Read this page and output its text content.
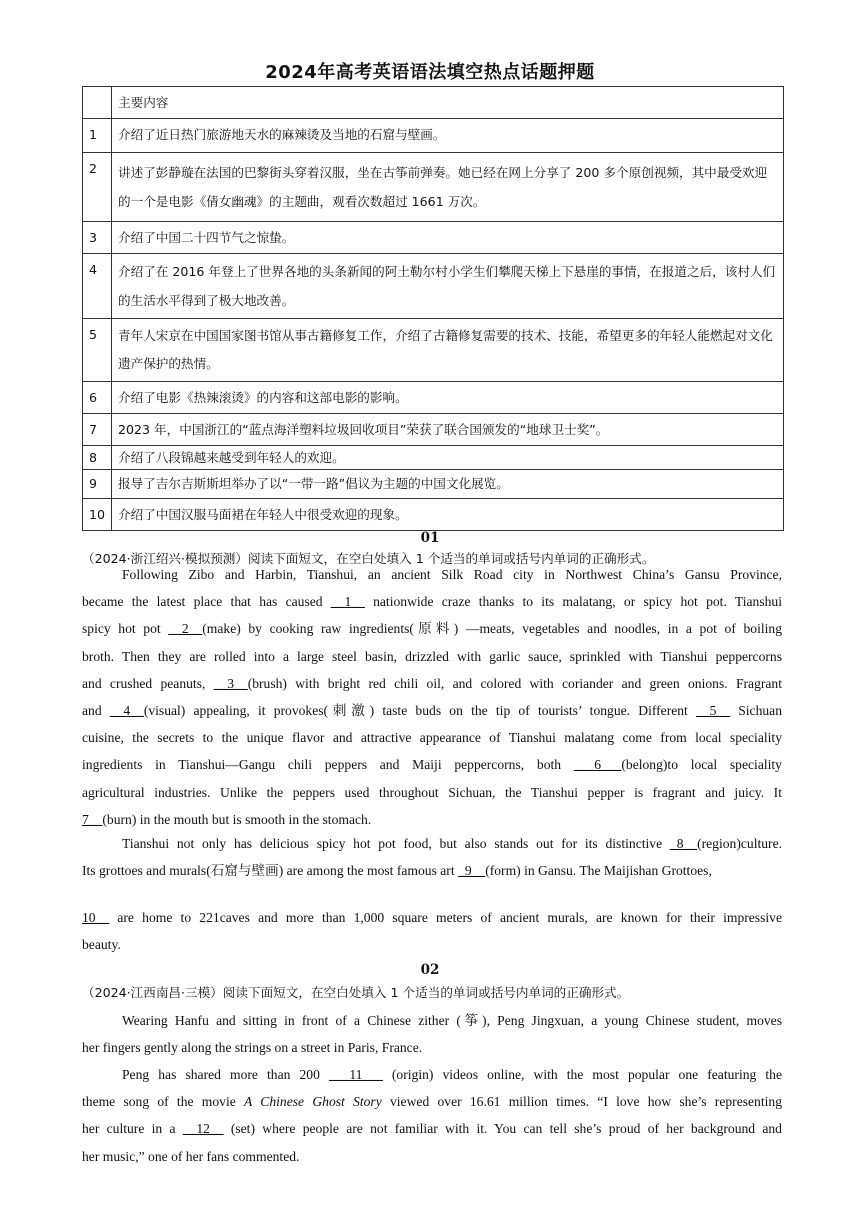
2024年高考英语语法填空热点话题押题
	主要内容
1	介绍了近日热门旅游地天水的麻辣烫及当地的石窟与壁画。
2	讲述了彭静璇在法国的巴黎街头穿着汉服，坐在古筝前弹奏。她已经在网上分享了 200 多个原创视频，其中最受欢迎的一个是电影《倩女幽魂》的主题曲，观看次数超过 1661 万次。
3	介绍了中国二十四节气之惊蛰。
4	介绍了在 2016 年登上了世界各地的头条新闻的阿土勒尔村小学生们攀爬天梯上下悬崖的事情，在报道之后，该村人们的生活水平得到了极大地改善。
5	青年人宋京在中国国家图书馆从事古籍修复工作，介绍了古籍修复需要的技术、技能，希望更多的年轻人能燃起对文化遗产保护的热情。
6	介绍了电影《热辣滚烫》的内容和这部电影的影响。
7	2023 年，中国浙江的“蓝点海洋塑料垃圾回收项目”荣获了联合国颁发的“地球卫士奖”。
8	介绍了八段锦越来越受到年轻人的欢迎。
9	报导了吉尔吉斯斯坦举办了以“一带一路”倡议为主题的中国文化展览。
10	介绍了中国汉服马面裙在年轻人中很受欢迎的现象。
01
（2024·浙江绍兴·模拟预测）阅读下面短文，在空白处填入 1 个适当的单词或括号内单词的正确形式。
Following Zibo and Harbin, Tianshui, an ancient Silk Road city in Northwest China’s Gansu Province,
became the latest place that has caused __1__ nationwide craze thanks to its malatang, or spicy hot pot. Tianshui
spicy hot pot __2__(make) by cooking raw ingredients(原料) —meats, vegetables and noodles, in a pot of boiling
broth. Then they are rolled into a large steel basin, drizzled with garlic sauce, sprinkled with Tianshui peppercorns
and crushed peanuts, __3__(brush) with bright red chili oil, and colored with coriander and green onions. Fragrant
and __4__(visual) appealing, it provokes(刺激) taste buds on the tip of tourists’ tongue. Different __5__ Sichuan
cuisine, the secrets to the unique flavor and attractive appearance of Tianshui malatang come from local speciality
ingredients in Tianshui—Gangu chili peppers and Maiji peppercorns, both ___6___(belong)to local speciality
agricultural industries. Unlike the peppers used throughout Sichuan, the Tianshui pepper is fragrant and juicy. It
7__(burn) in the mouth but is smooth in the stomach.
Tianshui not only has delicious spicy hot pot food, but also stands out for its distinctive _8__(region)culture.
Its grottoes and murals(石窟与壁画) are among the most famous art _9__(form) in Gansu. The Maijishan Grottoes,
10__ are home to 221caves and more than 1,000 square meters of ancient murals, are known for their impressive
beauty.
02
（2024·江西南昌·三模）阅读下面短文，在空白处填入 1 个适当的单词或括号内单词的正确形式。
Wearing Hanfu and sitting in front of a Chinese zither (筝), Peng Jingxuan, a young Chinese student, moves
her fingers gently along the strings on a street in Paris, France.
Peng has shared more than 200 ___11___ (origin) videos online, with the most popular one featuring the
theme song of the movie A Chinese Ghost Story viewed over 16.61 million times. “I love how she’s representing
her culture in a __12__ (set) where people are not familiar with it. You can tell she’s proud of her background and
her music,” one of her fans commented.
